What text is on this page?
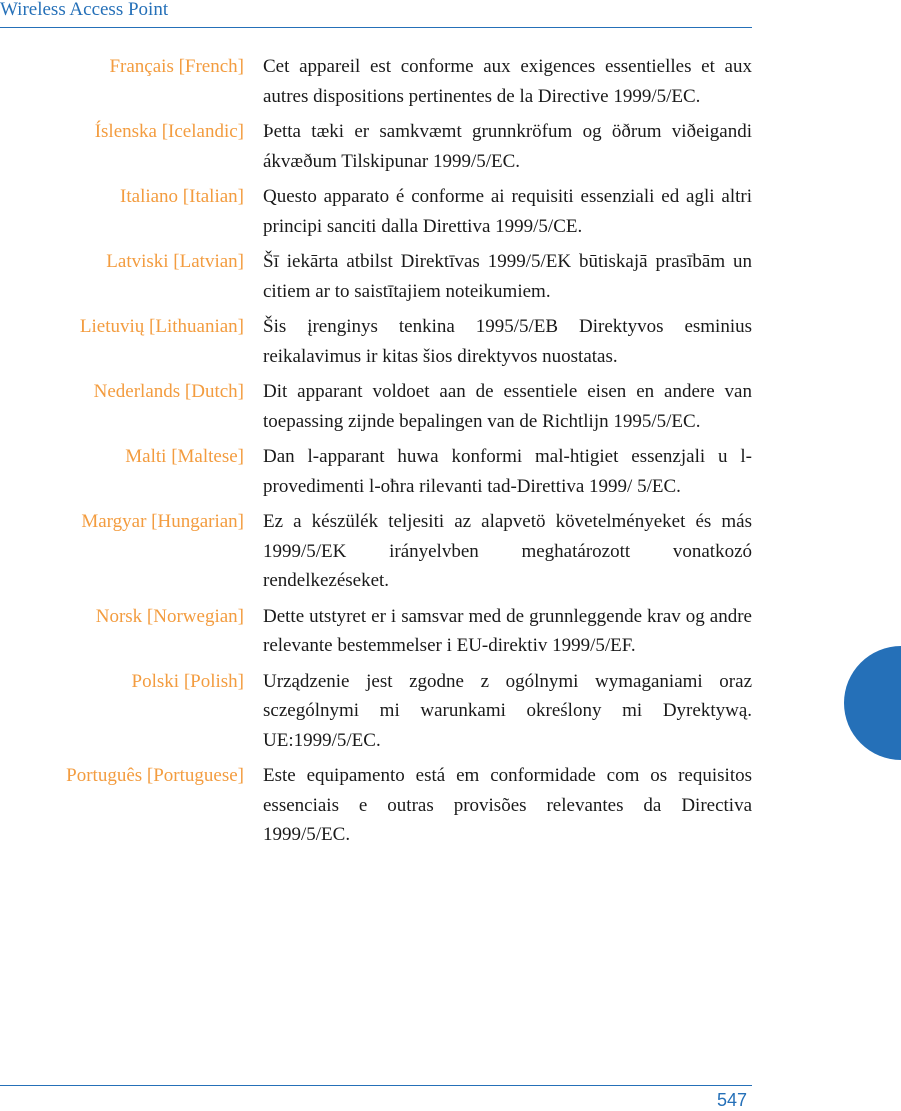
Wireless Access Point
Français [French] Cet appareil est conforme aux exigences essentielles et aux autres dispositions pertinentes de la Directive 1999/5/EC.
Íslenska [Icelandic] Þetta tæki er samkvæmt grunnkröfum og öðrum viðeigandi ákvæðum Tilskipunar 1999/5/EC.
Italiano [Italian] Questo apparato é conforme ai requisiti essenziali ed agli altri principi sanciti dalla Direttiva 1999/5/CE.
Latviski [Latvian] Šī iekārta atbilst Direktīvas 1999/5/EK būtiskajā prasībām un citiem ar to saistītajiem noteikumiem.
Lietuvių [Lithuanian] Šis įrenginys tenkina 1995/5/EB Direktyvos esminius reikalavimus ir kitas šios direktyvos nuostatas.
Nederlands [Dutch] Dit apparant voldoet aan de essentiele eisen en andere van toepassing zijnde bepalingen van de Richtlijn 1995/5/EC.
Malti [Maltese] Dan l-apparant huwa konformi mal-htigiet essenzjali u l-provedimenti l-oħra rilevanti tad-Direttiva 1999/ 5/EC.
Margyar [Hungarian] Ez a készülék teljesiti az alapvetö követelményeket és más 1999/5/EK irányelvben meghatározott vonatkozó rendelkezéseket.
Norsk [Norwegian] Dette utstyret er i samsvar med de grunnleggende krav og andre relevante bestemmelser i EU-direktiv 1999/5/EF.
Polski [Polish] Urządzenie jest zgodne z ogólnymi wymaganiami oraz sczególnymi mi warunkami określony mi Dyrektywą. UE:1999/5/EC.
Português [Portuguese] Este equipamento está em conformidade com os requisitos essenciais e outras provisões relevantes da Directiva 1999/5/EC.
547
